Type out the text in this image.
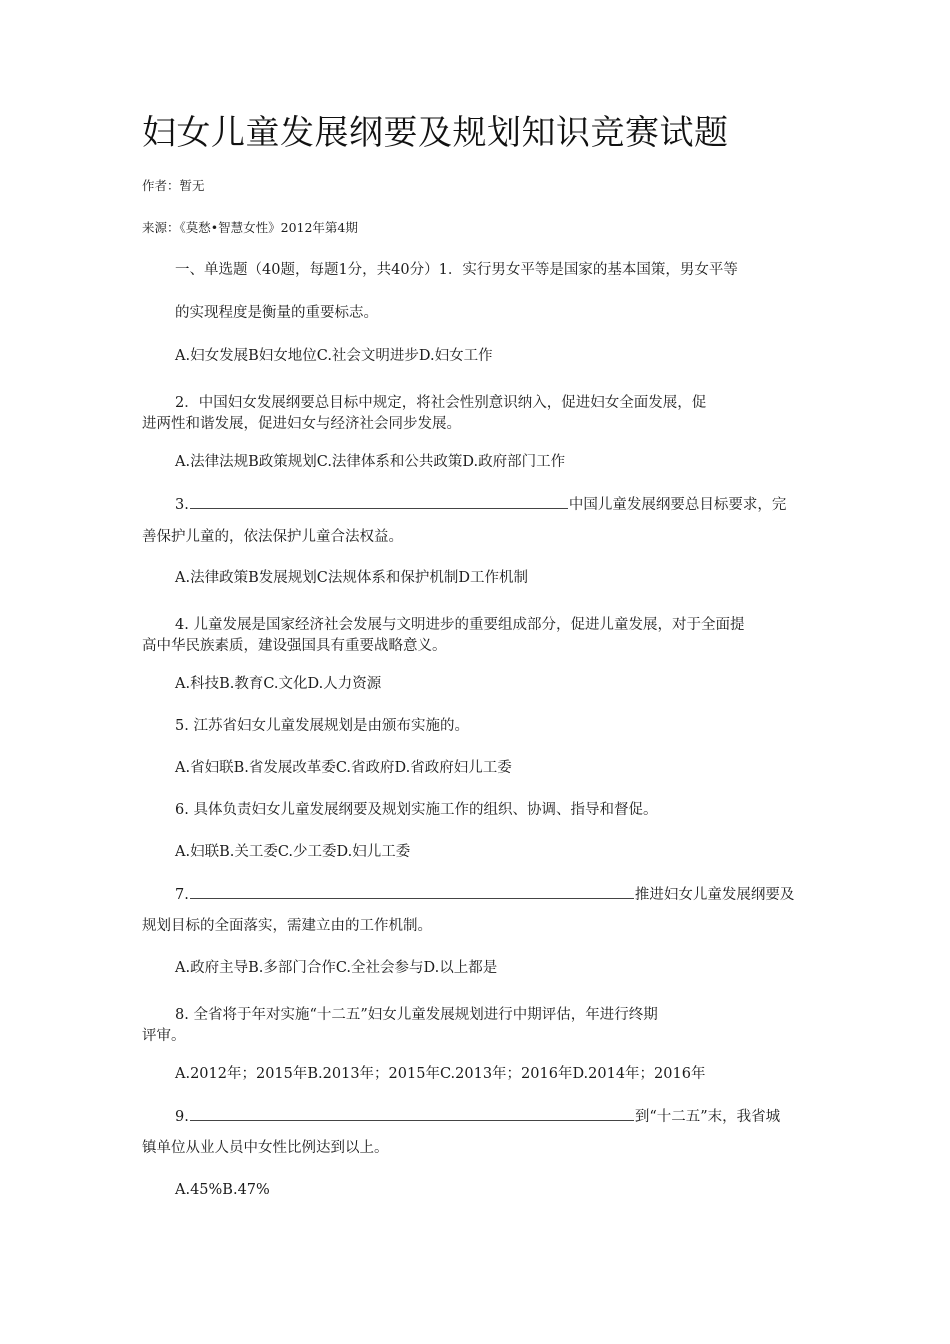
妇女儿童发展纲要及规划知识竞赛试题
作者：暂无
来源：《莫愁•智慧女性》2012年第4期
一、单选题（40题，每题1分，共40分）1．实行男女平等是国家的基本国策，男女平等
的实现程度是衡量的重要标志。
A.妇女发展B妇女地位C.社会文明进步D.妇女工作
2．中国妇女发展纲要总目标中规定，将社会性别意识纳入，促进妇女全面发展，促
进两性和谐发展，促进妇女与经济社会同步发展。
A.法律法规B政策规划C.法律体系和公共政策D.政府部门工作
3.	中国儿童发展纲要总目标要求，完
善保护儿童的，依法保护儿童合法权益。
A.法律政策B发展规划C法规体系和保护机制D工作机制
4. 儿童发展是国家经济社会发展与文明进步的重要组成部分，促进儿童发展，对于全面提
高中华民族素质，建设强国具有重要战略意义。
A.科技B.教育C.文化D.人力资源
5. 江苏省妇女儿童发展规划是由颁布实施的。
A.省妇联B.省发展改革委C.省政府D.省政府妇儿工委
6. 具体负责妇女儿童发展纲要及规划实施工作的组织、协调、指导和督促。
A.妇联B.关工委C.少工委D.妇儿工委
7.	推进妇女儿童发展纲要及
规划目标的全面落实，需建立由的工作机制。
A.政府主导B.多部门合作C.全社会参与D.以上都是
8. 全省将于年对实施“十二五”妇女儿童发展规划进行中期评估，年进行终期
评审。
A.2012年；2015年B.2013年；2015年C.2013年；2016年D.2014年；2016年
9.	到“十二五”末，我省城
镇单位从业人员中女性比例达到以上。
A.45%B.47%
